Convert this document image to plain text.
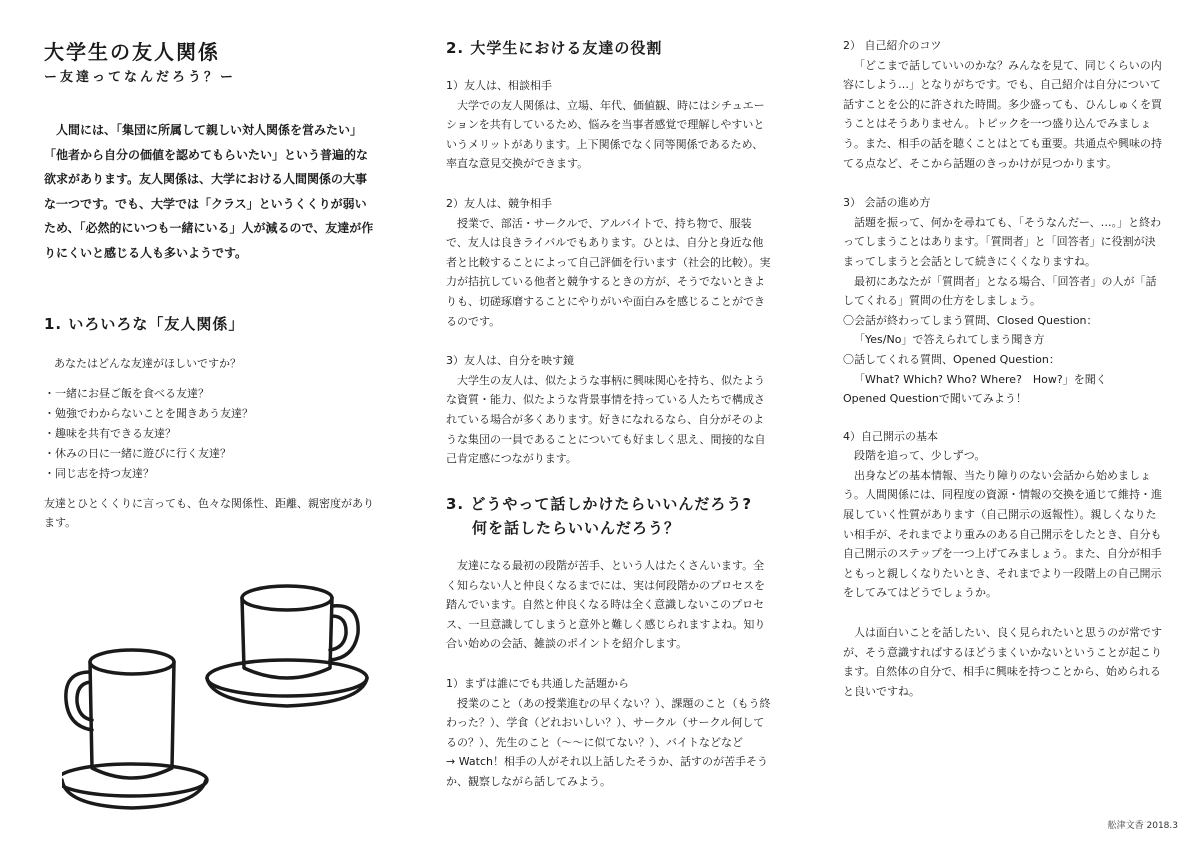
大学生の友人関係

ー友達ってなんだろう？ー

人間には、「集団に所属して親しい対人関係を営みたい」「他者から自分の価値を認めてもらいたい」という普遍的な欲求があります。友人関係は、大学における人間関係の大事な一つです。でも、大学では「クラス」というくくりが弱いため、「必然的にいつも一緒にいる」人が減るので、友達が作りにくいと感じる人も多いようです。

1. いろいろな「友人関係」

あなたはどんな友達がほしいですか？

・一緒にお昼ご飯を食べる友達？
・勉強でわからないことを聞きあう友達？
・趣味を共有できる友達？
・休みの日に一緒に遊びに行く友達？
・同じ志を持つ友達？

友達とひとくくりに言っても、色々な関係性、距離、親密度があります。

2. 大学生における友達の役割

1）友人は、相談相手

大学での友人関係は、立場、年代、価値観、時にはシチュエーションを共有しているため、悩みを当事者感覚で理解しやすいというメリットがあります。上下関係でなく同等関係であるため、率直な意見交換ができます。

2）友人は、競争相手

授業で、部活・サークルで、アルバイトで、持ち物で、服装で、友人は良きライバルでもあります。ひとは、自分と身近な他者と比較することによって自己評価を行います（社会的比較）。実力が拮抗している他者と競争するときの方が、そうでないときよりも、切磋琢磨することにやりがいや面白みを感じることができるのです。

3）友人は、自分を映す鏡

大学生の友人は、似たような事柄に興味関心を持ち、似たような資質・能力、似たような背景事情を持っている人たちで構成されている場合が多くあります。好きになれるなら、自分がそのような集団の一員であることについても好ましく思え、間接的な自己肯定感につながります。

3. どうやって話しかけたらいいんだろう?
何を話したらいいんだろう？

友達になる最初の段階が苦手、という人はたくさんいます。全く知らない人と仲良くなるまでには、実は何段階かのプロセスを踏んでいます。自然と仲良くなる時は全く意識しないこのプロセス、一旦意識してしまうと意外と難しく感じられますよね。知り合い始めの会話、雑談のポイントを紹介します。

1）まずは誰にでも共通した話題から

授業のこと（あの授業進むの早くない？）、課題のこと（もう終わった？）、学食（どれおいしい？）、サークル（サークル何してるの？）、先生のこと（〜〜に似てない？）、バイトなどなど

→ Watch！相手の人がそれ以上話したそうか、話すのが苦手そうか、観察しながら話してみよう。

2） 自己紹介のコツ

「どこまで話していいのかな？みんなを見て、同じくらいの内容にしよう…」となりがちです。でも、自己紹介は自分について話すことを公的に許された時間。多少盛っても、ひんしゅくを買うことはそうありません。トピックを一つ盛り込んでみましょう。また、相手の話を聴くことはとても重要。共通点や興味の持てる点など、そこから話題のきっかけが見つかります。

3） 会話の進め方

話題を振って、何かを尋ねても、「そうなんだー、…。」と終わってしまうことはあります。「質問者」と「回答者」に役割が決まってしまうと会話として続きにくくなりますね。

最初にあなたが「質問者」となる場合、「回答者」の人が「話してくれる」質問の仕方をしましょう。

〇会話が終わってしまう質問、Closed Question：

「Yes/No」で答えられてしまう聞き方

〇話してくれる質問、Opened Question：

「What? Which? Who? Where?　How?」を聞く

Opened Questionで聞いてみよう！

4）自己開示の基本

段階を追って、少しずつ。

出身などの基本情報、当たり障りのない会話から始めましょう。人間関係には、同程度の資源・情報の交換を通じて維持・進展していく性質があります（自己開示の返報性）。親しくなりたい相手が、それまでより重みのある自己開示をしたとき、自分も自己開示のステップを一つ上げてみましょう。また、自分が相手ともっと親しくなりたいとき、それまでより一段階上の自己開示をしてみてはどうでしょうか。

人は面白いことを話したい、良く見られたいと思うのが常ですが、そう意識すればするほどうまくいかないということが起こります。自然体の自分で、相手に興味を持つことから、始められると良いですね。

舩津文香 2018.3
